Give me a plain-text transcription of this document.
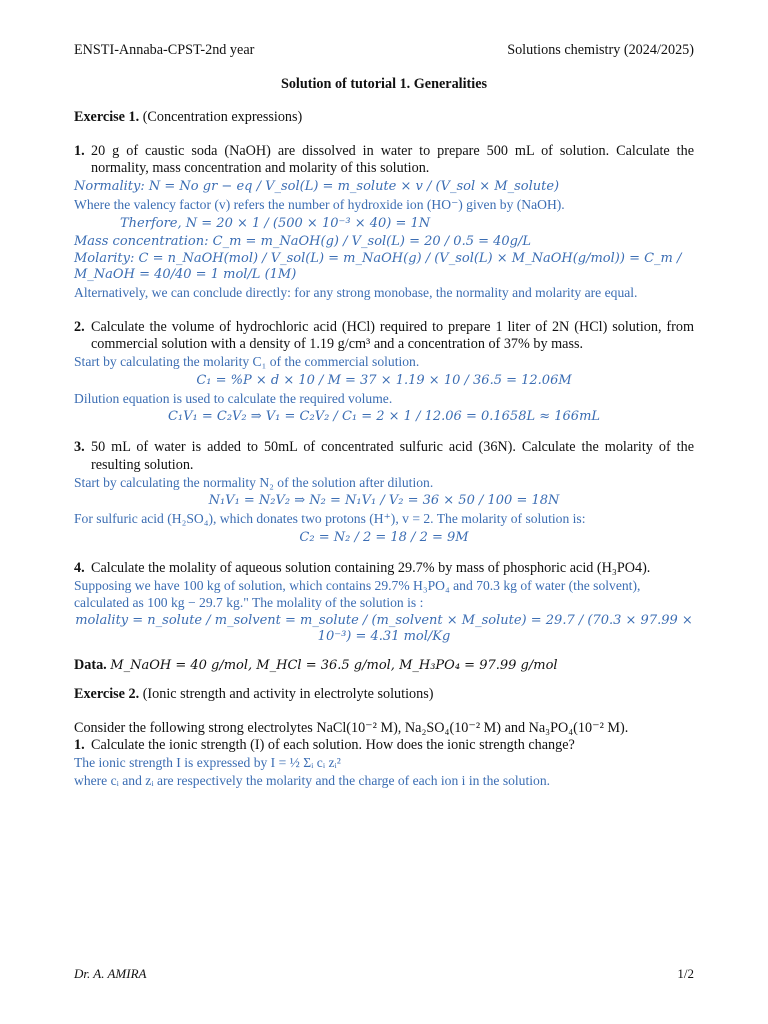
ENSTI-Annaba-CPST-2nd year	Solutions chemistry (2024/2025)

Solution of tutorial 1. Generalities

Exercise 1. (Concentration expressions)

1. 20 g of caustic soda (NaOH) are dissolved in water to prepare 500 mL of solution. Calculate the normality, mass concentration and molarity of this solution.
Normality: N = No gr − eq / V_sol(L) = m_solute × v / (V_sol × M_solute)

Where the valency factor (v) refers the number of hydroxide ion (HO⁻) given by (NaOH).

Therfore, N = 20 × 1 / (500 × 10⁻³ × 40) = 1N
Mass concentration: C_m = m_NaOH(g) / V_sol(L) = 20 / 0.5 = 40g/L
Molarity: C = n_NaOH(mol) / V_sol(L) = m_NaOH(g) / (V_sol(L) × M_NaOH(g/mol)) = C_m / M_NaOH = 40/40 = 1 mol/L (1M)

Alternatively, we can conclude directly: for any strong monobase, the normality and molarity are equal.

2. Calculate the volume of hydrochloric acid (HCl) required to prepare 1 liter of 2N (HCl) solution, from commercial solution with a density of 1.19 g/cm³ and a concentration of 37% by mass.

Start by calculating the molarity C₁ of the commercial solution.

C₁ = %P × d × 10 / M = 37 × 1.19 × 10 / 36.5 = 12.06M

Dilution equation is used to calculate the required volume.

C₁V₁ = C₂V₂ ⇒ V₁ = C₂V₂ / C₁ = 2 × 1 / 12.06 = 0.1658L ≈ 166mL
3. 50 mL of water is added to 50mL of concentrated sulfuric acid (36N). Calculate the molarity of the resulting solution.

Start by calculating the normality N₂ of the solution after dilution.

N₁V₁ = N₂V₂ ⇒ N₂ = N₁V₁ / V₂ = 36 × 50 / 100 = 18N

For sulfuric acid (H₂SO₄), which donates two protons (H⁺), v = 2. The molarity of solution is:

C₂ = N₂ / 2 = 18 / 2 = 9M
4. Calculate the molality of aqueous solution containing 29.7% by mass of phosphoric acid (H₃PO4).

Supposing we have 100 kg of solution, which contains 29.7% H₃PO₄ and 70.3 kg of water (the solvent), calculated as 100 kg − 29.7 kg." The molality of the solution is :

molality = n_solute / m_solvent = m_solute / (m_solvent × M_solute) = 29.7 / (70.3 × 97.99 × 10⁻³) = 4.31 mol/Kg

Data. M_NaOH = 40 g/mol, M_HCl = 36.5 g/mol, M_H₃PO₄ = 97.99 g/mol

Exercise 2. (Ionic strength and activity in electrolyte solutions)

Consider the following strong electrolytes NaCl(10⁻² M), Na₂SO₄(10⁻² M) and Na₃PO₄(10⁻² M).

1. Calculate the ionic strength (I) of each solution. How does the ionic strength change?

The ionic strength I is expressed by I = ½ Σᵢ cᵢ zᵢ²

where cᵢ and zᵢ are respectively the molarity and the charge of each ion i in the solution.

Dr. A. AMIRA	1/2
